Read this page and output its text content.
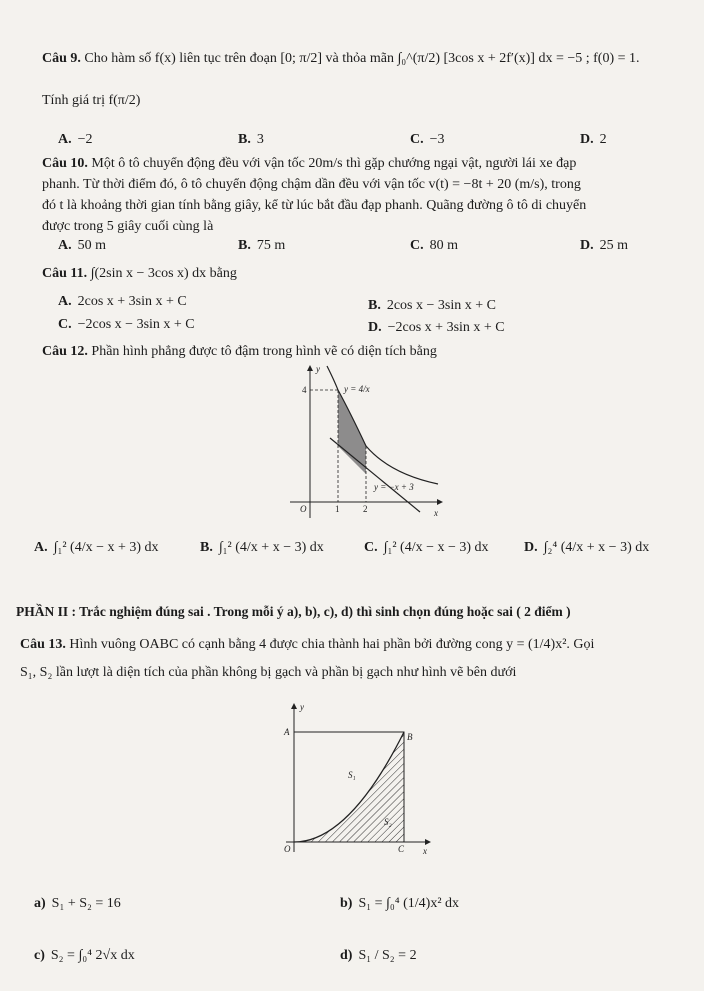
Câu 9. Cho hàm số f(x) liên tục trên đoạn [0; π/2] và thỏa mãn ∫₀^(π/2) [3cos x + 2f′(x)] dx = −5 ; f(0) = 1.
Tính giá trị f(π/2)
A. −2	B. 3	C. −3	D. 2
Câu 10. Một ô tô chuyển động đều với vận tốc 20m/s thì gặp chướng ngại vật, người lái xe đạp
phanh. Từ thời điểm đó, ô tô chuyển động chậm dần đều với vận tốc v(t) = −8t + 20 (m/s), trong
đó t là khoảng thời gian tính bằng giây, kể từ lúc bắt đầu đạp phanh. Quãng đường ô tô di chuyển
được trong 5 giây cuối cùng là
A. 50 m	B. 75 m	C. 80 m	D. 25 m
Câu 11. ∫(2sin x − 3cos x) dx bằng
A. 2cos x + 3sin x + C	B. 2cos x − 3sin x + C
C. −2cos x − 3sin x + C	D. −2cos x + 3sin x + C
Câu 12. Phần hình phẳng được tô đậm trong hình vẽ có diện tích bằng
y
x
O	1	2
4	y = 4/x
y = −x + 3
A. ∫₁² (4/x − x + 3) dx	B. ∫₁² (4/x + x − 3) dx	C. ∫₁² (4/x − x − 3) dx	D. ∫₂⁴ (4/x + x − 3) dx
PHẦN II : Trắc nghiệm đúng sai . Trong mỗi ý a), b), c), d) thì sinh chọn đúng hoặc sai ( 2 điểm )
Câu 13. Hình vuông OABC có cạnh bằng 4 được chia thành hai phần bởi đường cong y = (1/4)x². Gọi
S₁, S₂ lần lượt là diện tích của phần không bị gạch và phần bị gạch như hình vẽ bên dưới
y
x
O
A	B
C
S₁
S₂
a) S₁ + S₂ = 16	b) S₁ = ∫₀⁴ (1/4)x² dx
c) S₂ = ∫₀⁴ 2√x dx	d) S₁ / S₂ = 2
